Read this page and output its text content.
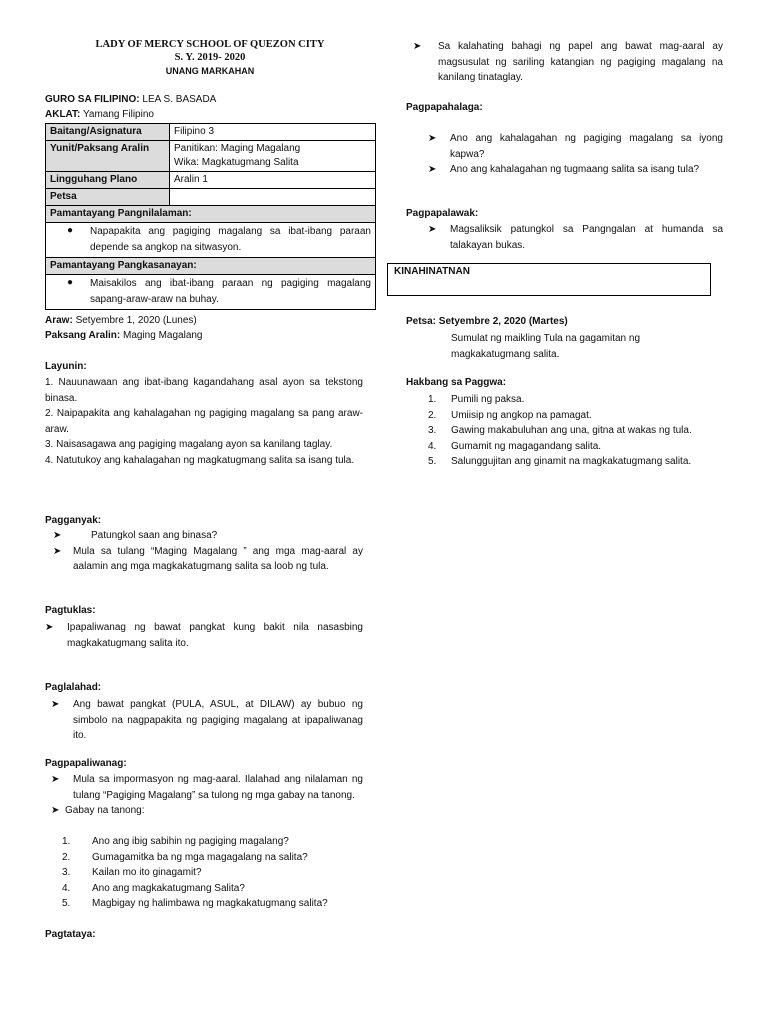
LADY OF MERCY SCHOOL OF QUEZON CITY
S. Y. 2019- 2020
UNANG MARKAHAN
GURO SA FILIPINO: LEA S. BASADA
AKLAT: Yamang Filipino
Baitang/Asignatura	Filipino 3
Yunit/Paksang Aralin	Panitikan: Maging Magalang
Wika: Magkatugmang Salita

Lingguhang Plano	Aralin 1
Petsa	
Pamantayang Pangnilalaman:	

● Napapakita ang pagiging magalang sa ibat-ibang paraan depende sa angkop na sitwasyon.	

Pamantayang Pangkasanayan:	

● Maisakilos ang ibat-ibang paraan ng pagiging magalang sapang-araw-araw na buhay.	
Araw: Setyembre 1, 2020 (Lunes)
Paksang Aralin: Maging Magalang
Layunin:
1. Nauunawaan ang ibat-ibang kagandahang asal ayon sa tekstong binasa.
2. Naipapakita ang kahalagahan ng pagiging magalang sa pang araw-araw.
3. Naisasagawa ang pagiging magalang ayon sa kanilang taglay.
4. Natutukoy ang kahalagahan ng magkatugmang salita sa isang tula.
Pagganyak:
➤	Patungkol saan ang binasa?
➤	Mula sa tulang “Maging Magalang ” ang mga mag-aaral ay aalamin ang mga magkakatugmang salita sa loob ng tula.
Pagtuklas:
➤	Ipapaliwanag ng bawat pangkat kung bakit nila nasasbing magkakatugmang salita ito.
Paglalahad:
➤	Ang bawat pangkat (PULA, ASUL, at DILAW) ay bubuo ng simbolo na nagpapakita ng pagiging magalang at ipapaliwanag ito.
Pagpapaliwanag:
➤	Mula sa impormasyon ng mag-aaral. Ilalahad ang nilalaman ng tulang “Pagiging Magalang” sa tulong ng mga gabay na tanong.
➤ Gabay na tanong:
1.	Ano ang ibig sabihin ng pagiging magalang?
2.	Gumagamitka ba ng mga magagalang na salita?
3.	Kailan mo ito ginagamit?
4.	Ano ang magkakatugmang Salita?
5.	Magbigay ng halimbawa ng magkakatugmang salita?
Pagtataya:
➤	Sa kalahating bahagi ng papel ang bawat mag-aaral ay magsusulat ng sariling katangian ng pagiging magalang na kanilang tinataglay.
Pagpapahalaga:
➤	Ano ang kahalagahan ng pagiging magalang sa iyong kapwa?
➤	Ano ang kahalagahan ng tugmaang salita sa isang tula?
Pagpapalawak:
➤	Magsaliksik patungkol sa Pangngalan at humanda sa talakayan bukas.
KINAHINATNAN
Petsa: Setyembre 2, 2020 (Martes)
Sumulat ng maikling Tula na gagamitan ng magkakatugmang salita.
Hakbang sa Paggwa:
1.	Pumili ng paksa.
2.	Umiisip ng angkop na pamagat.
3.	Gawing makabuluhan ang una, gitna at wakas ng tula.
4.	Gumamit ng magagandang salita.
5.	Salunggujitan ang ginamit na magkakatugmang salita.
